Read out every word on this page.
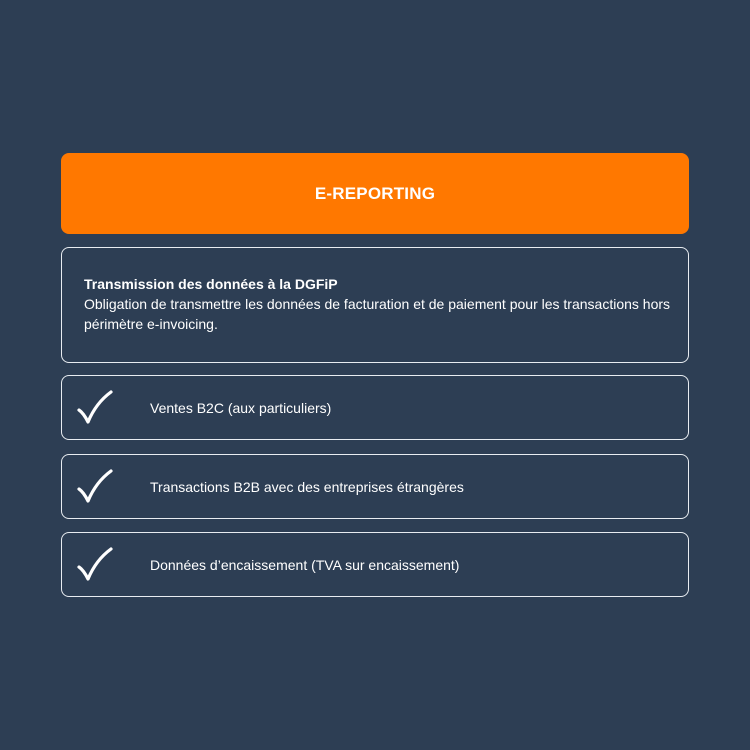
E-REPORTING
Transmission des données à la DGFiP
Obligation de transmettre les données de facturation et de paiement pour les transactions hors périmètre e-invoicing.
Ventes B2C (aux particuliers)
Transactions B2B avec des entreprises étrangères
Données d’encaissement (TVA sur encaissement)
